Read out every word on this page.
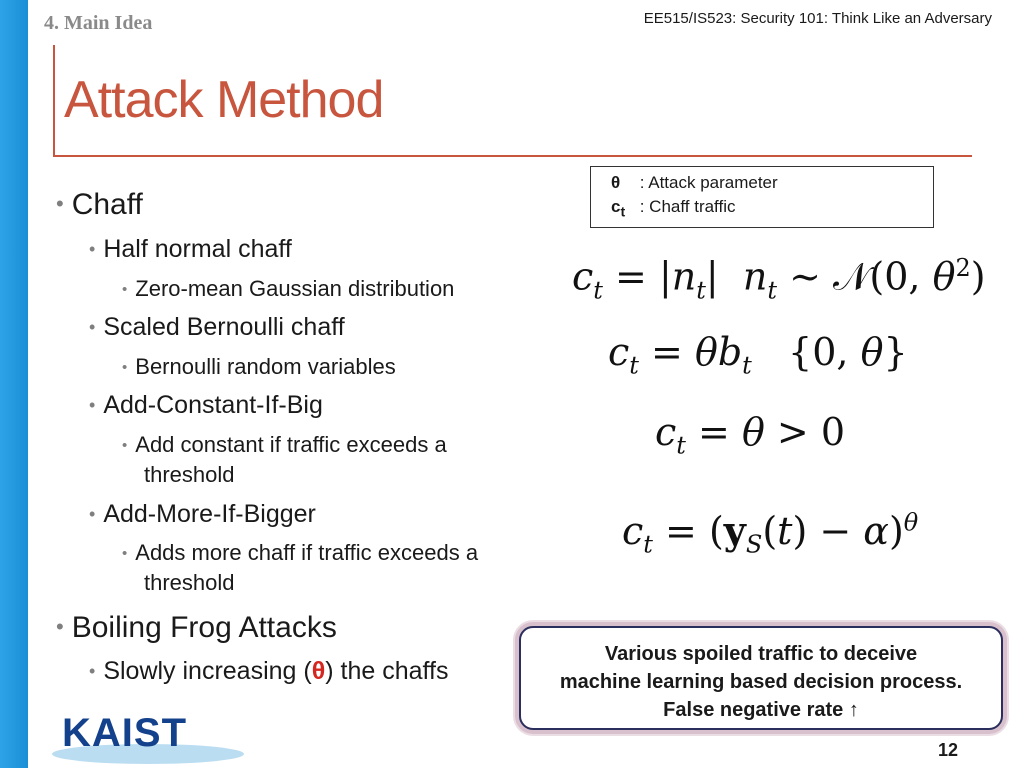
4. Main Idea	EE515/IS523: Security 101: Think Like an Adversary
Attack Method
• Chaff
• Half normal chaff
• Zero-mean Gaussian distribution
• Scaled Bernoulli chaff
• Bernoulli random variables
• Add-Constant-If-Big
• Add constant if traffic exceeds a
threshold
• Add-More-If-Bigger
• Adds more chaff if traffic exceeds a
threshold
• Boiling Frog Attacks
• Slowly increasing (θ) the chaffs
θ : Attack parameter
$c_t$ : Chaff traffic
$c_t = |n_t|$  $n_t$ ~ 𝒩(0, $\theta^2$)
$c_t = \theta b_t$   {0, θ}
$c_t = \theta > 0$
$c_t = (y_S(t) - \alpha)^\theta$
Various spoiled traffic to deceive
machine learning based decision process.
False negative rate ↑
KAIST	12
